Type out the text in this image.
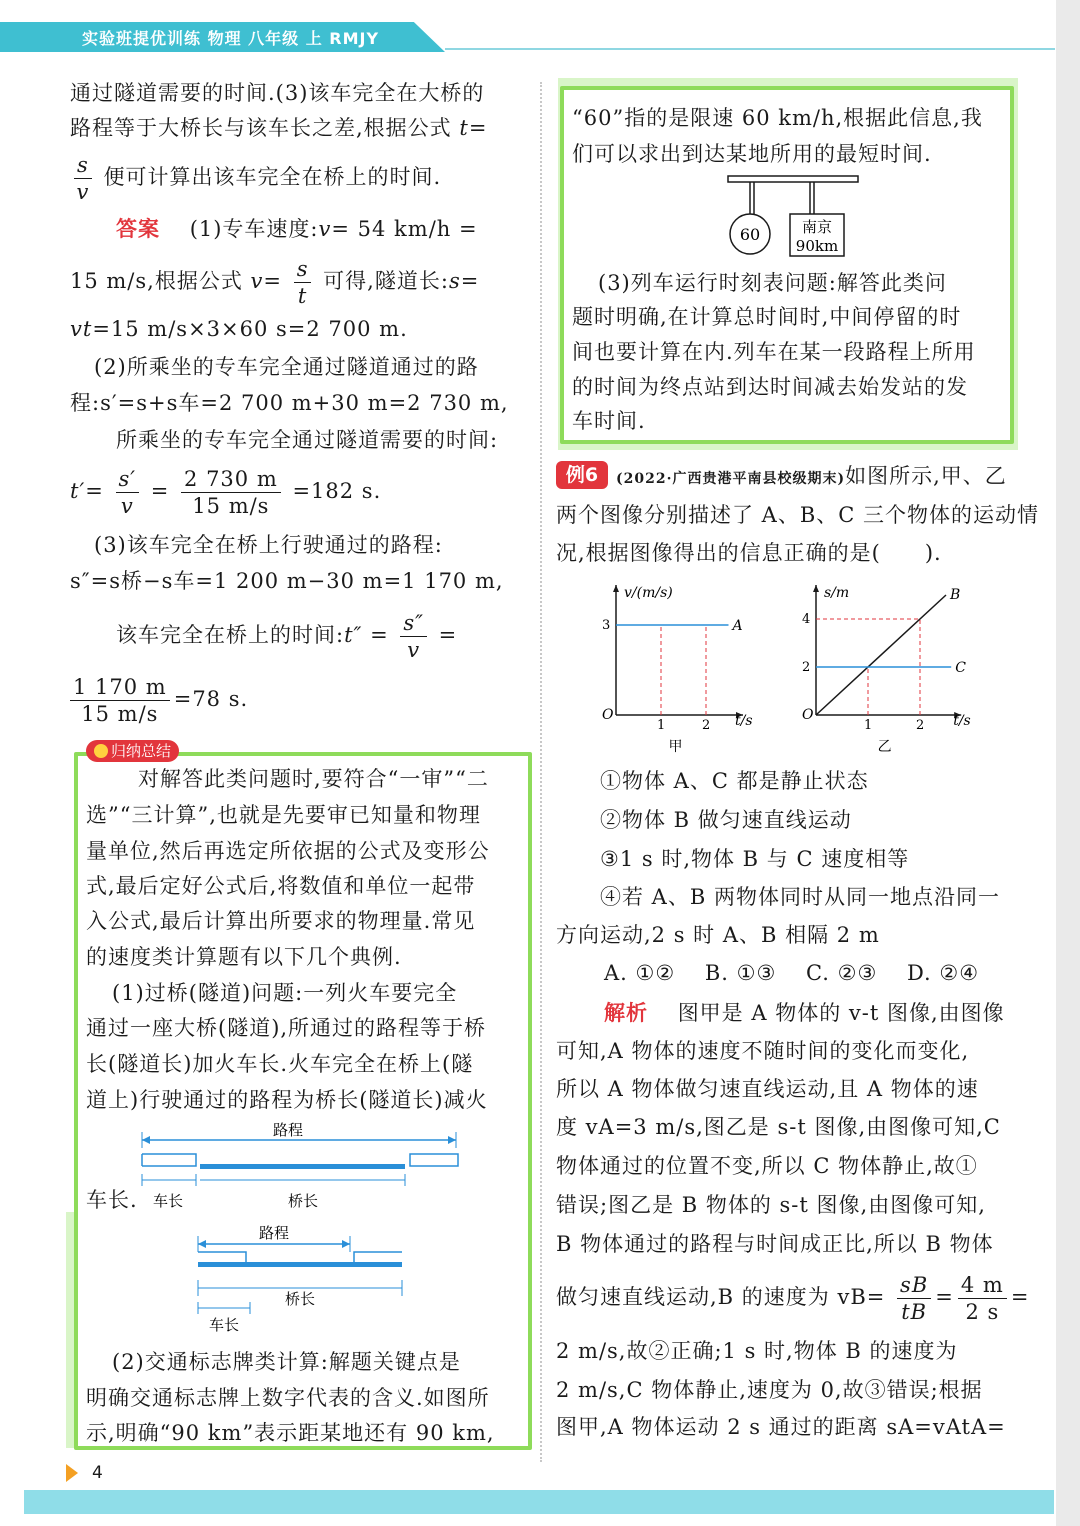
实验班提优训练 物理 八年级 上 RMJY
通过隧道需要的时间.(3)该车完全在大桥的
路程等于大桥长与该车长之差,根据公式 t=
$\frac{s}{v}$ 便可计算出该车完全在桥上的时间.
答案　 (1)专车速度:v= 54 km/h =
15 m/s,根据公式 $v= \frac{s}{t}$ 可得,隧道长:s=
vt=15 m/s×3×60 s=2 700 m.
(2)所乘坐的专车完全通过隧道通过的路
程:s′=s+s车=2 700 m+30 m=2 730 m,
所乘坐的专车完全通过隧道需要的时间:
$t'= \frac{s'}{v} = \frac{2 730 m}{15 m/s} =182$ s.
(3)该车完全在桥上行驶通过的路程:
s″=s桥−s车=1 200 m−30 m=1 170 m,
该车完全在桥上的时间:t″ = $\frac{s''}{v}$ =
$\frac{1 170 m}{15 m/s} =78$ s.
归纳总结
对解答此类问题时,要符合“一审”“二
选”“三计算”,也就是先要审已知量和物理
量单位,然后再选定所依据的公式及变形公
式,最后定好公式后,将数值和单位一起带
入公式,最后计算出所要求的物理量.常见
的速度类计算题有以下几个典例.
(1)过桥(隧道)问题:一列火车要完全
通过一座大桥(隧道),所通过的路程等于桥
长(隧道长)加火车长.火车完全在桥上(隧
道上)行驶通过的路程为桥长(隧道长)减火
车长.
路程
车长	桥长
路程
桥长
车长
(2)交通标志牌类计算:解题关键点是
明确交通标志牌上数字代表的含义.如图所
示,明确“90 km”表示距某地还有 90 km,
“60”指的是限速 60 km/h,根据此信息,我
们可以求出到达某地所用的最短时间.
60	南京
90km
(3)列车运行时刻表问题:解答此类问
题时明确,在计算总时间时,中间停留的时
间也要计算在内.列车在某一段路程上所用
的时间为终点站到达时间减去始发站的发
车时间.
例6	(2022·广西贵港平南县校级期末)如图所示,甲、乙
两个图像分别描述了 A、B、C 三个物体的运动情
况,根据图像得出的信息正确的是(　　).
O	t/s
v/(m/s)
1	2
3	A
甲
O	t/s
s/m
1	2
2
4
B
C
乙
①物体 A、C 都是静止状态
②物体 B 做匀速直线运动
③1 s 时,物体 B 与 C 速度相等
④若 A、B 两物体同时从同一地点沿同一
方向运动,2 s 时 A、B 相隔 2 m
A. ①②　 B. ①③　 C. ②③　 D. ②④
解析　 图甲是 A 物体的 v-t 图像,由图像
可知,A 物体的速度不随时间的变化而变化,
所以 A 物体做匀速直线运动,且 A 物体的速
度 vA=3 m/s,图乙是 s-t 图像,由图像可知,C
物体通过的位置不变,所以 C 物体静止,故①
错误;图乙是 B 物体的 s-t 图像,由图像可知,
B 物体通过的路程与时间成正比,所以 B 物体
做匀速直线运动,B 的速度为 $vB= \frac{sB}{tB} = \frac{4 m}{2 s}$ =
2 m/s,故②正确;1 s 时,物体 B 的速度为
2 m/s,C 物体静止,速度为 0,故③错误;根据
图甲,A 物体运动 2 s 通过的距离 sA=vAtA=
4
